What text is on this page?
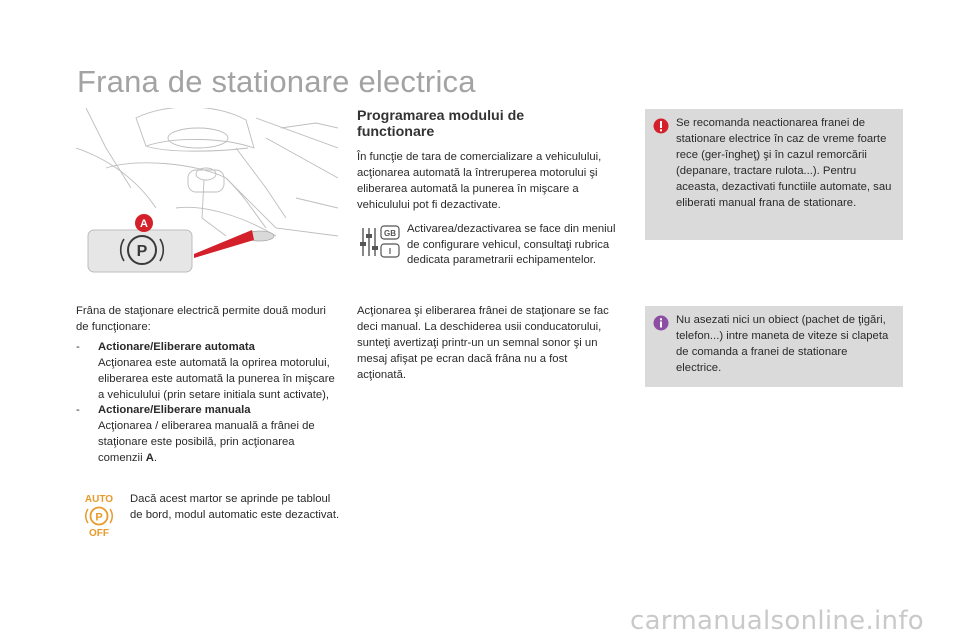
Frana de stationare electrica
P
A

Frâna de staţionare electrică permite două moduri de funcţionare:

-	Actionare/Eliberare automata

Acţionarea este automată la oprirea motorului, eliberarea este automată la punerea în mişcare a vehiculului (prin setare initiala sunt activate),

-	Actionare/Eliberare manuala

Acţionarea / eliberarea manuală a frânei de staţionare este posibilă, prin acţionarea comenzii A.

AUTO
P
OFF
Dacă acest martor se aprinde pe tabloul de bord, modul automatic este dezactivat.
Programarea modului de
functionare

În funcţie de tara de comercializare a vehiculului, acţionarea automată la întreruperea motorului şi eliberarea automată la punerea în mişcare a vehiculului pot fi dezactivate.

GB
I
Activarea/dezactivarea se face din meniul de configurare vehicul, consultaţi rubrica dedicata parametrarii echipamentelor.
Acţionarea şi eliberarea frânei de staţionare se fac deci manual. La deschiderea usii conducatorului, sunteţi avertizaţi printr-un un semnal sonor şi un mesaj afişat pe ecran dacă frâna nu a fost acţionată.
Se recomanda neactionarea franei de stationare electrice în caz de vreme foarte rece (ger-îngheţ) şi în cazul remorcării (depanare, tractare rulota...). Pentru aceasta, dezactivati functiile automate, sau eliberati manual frana de stationare.
Nu asezati nici un obiect (pachet de ţigări, telefon...) intre maneta de viteze si clapeta de comanda a franei de stationare electrice.
carmanualsonline.info
